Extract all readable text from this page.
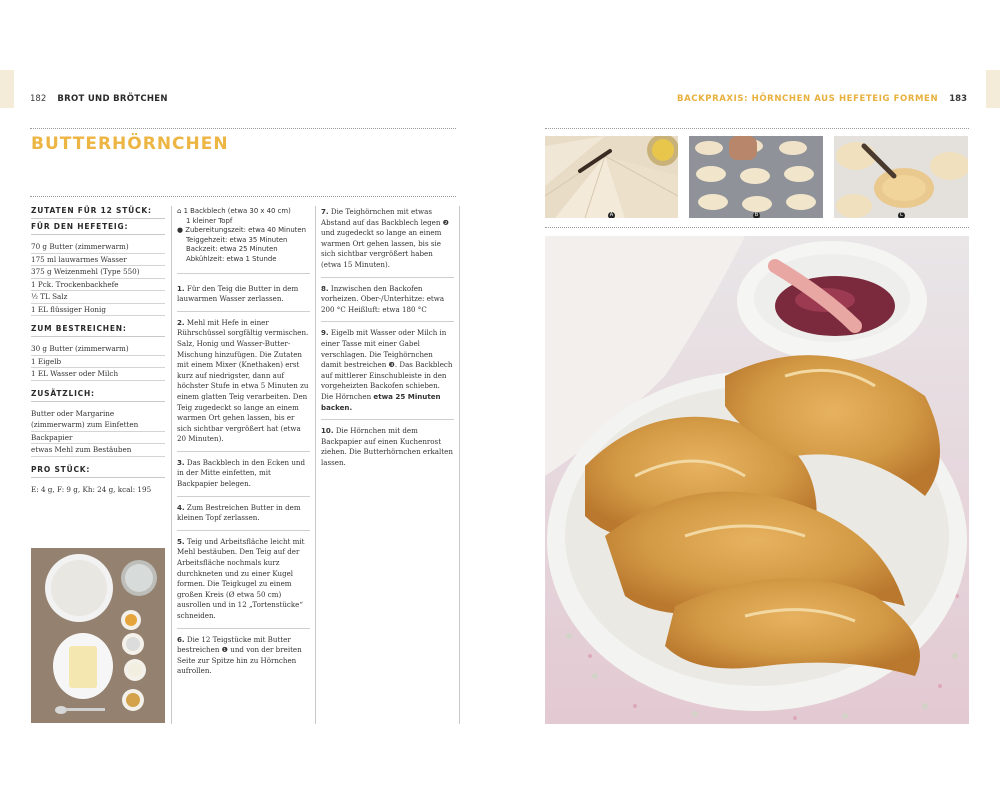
182 BROT UND BRÖTCHEN	BACKPRAXIS: HÖRNCHEN AUS HEFETEIG FORMEN 183
BUTTERHÖRNCHEN
ZUTATEN FÜR 12 STÜCK:
FÜR DEN HEFETEIG:
70 g Butter (zimmerwarm)
175 ml lauwarmes Wasser
375 g Weizenmehl (Type 550)
1 Pck. Trockenbackhefe
½ TL Salz
1 EL flüssiger Honig
ZUM BESTREICHEN:
30 g Butter (zimmerwarm)
1 Eigelb
1 EL Wasser oder Milch
ZUSÄTZLICH:
Butter oder Margarine
(zimmerwarm) zum Einfetten
Backpapier
etwas Mehl zum Bestäuben
PRO STÜCK:
E: 4 g, F: 9 g, Kh: 24 g, kcal: 195
⌂ 1 Backblech (etwa 30 x 40 cm)
1 kleiner Topf
● Zubereitungszeit: etwa 40 Minuten
Teiggehzeit: etwa 35 Minuten
Backzeit: etwa 25 Minuten
Abkühlzeit: etwa 1 Stunde
1. Für den Teig die Butter in dem lauwarmen Wasser zerlassen.
2. Mehl mit Hefe in einer Rührschüssel sorgfältig vermischen. Salz, Honig und Wasser-Butter-Mischung hinzufügen. Die Zutaten mit einem Mixer (Knethaken) erst kurz auf niedrigster, dann auf höchster Stufe in etwa 5 Minuten zu einem glatten Teig verarbeiten. Den Teig zugedeckt so lange an einem warmen Ort gehen lassen, bis er sich sichtbar vergrößert hat (etwa 20 Minuten).
3. Das Backblech in den Ecken und in der Mitte einfetten, mit Backpapier belegen.
4. Zum Bestreichen Butter in dem kleinen Topf zerlassen.
5. Teig und Arbeitsfläche leicht mit Mehl bestäuben. Den Teig auf der Arbeitsfläche nochmals kurz durchkneten und zu einer Kugel formen. Die Teigkugel zu einem großen Kreis (Ø etwa 50 cm) ausrollen und in 12 „Tortenstücke“ schneiden.
6. Die 12 Teigstücke mit Butter bestreichen ❶ und von der breiten Seite zur Spitze hin zu Hörnchen aufrollen.
7. Die Teighörnchen mit etwas Abstand auf das Backblech legen ❷ und zugedeckt so lange an einem warmen Ort gehen lassen, bis sie sich sichtbar vergrößert haben (etwa 15 Minuten).
8. Inzwischen den Backofen vorheizen. Ober-/Unterhitze: etwa 200 °C Heißluft: etwa 180 °C
9. Eigelb mit Wasser oder Milch in einer Tasse mit einer Gabel verschlagen. Die Teighörnchen damit bestreichen ❸. Das Backblech auf mittlerer Einschubleiste in den vorgeheizten Backofen schieben. Die Hörnchen etwa 25 Minuten backen.
10. Die Hörnchen mit dem Backpapier auf einen Kuchenrost ziehen. Die Butterhörnchen erkalten lassen.
A	B	C
